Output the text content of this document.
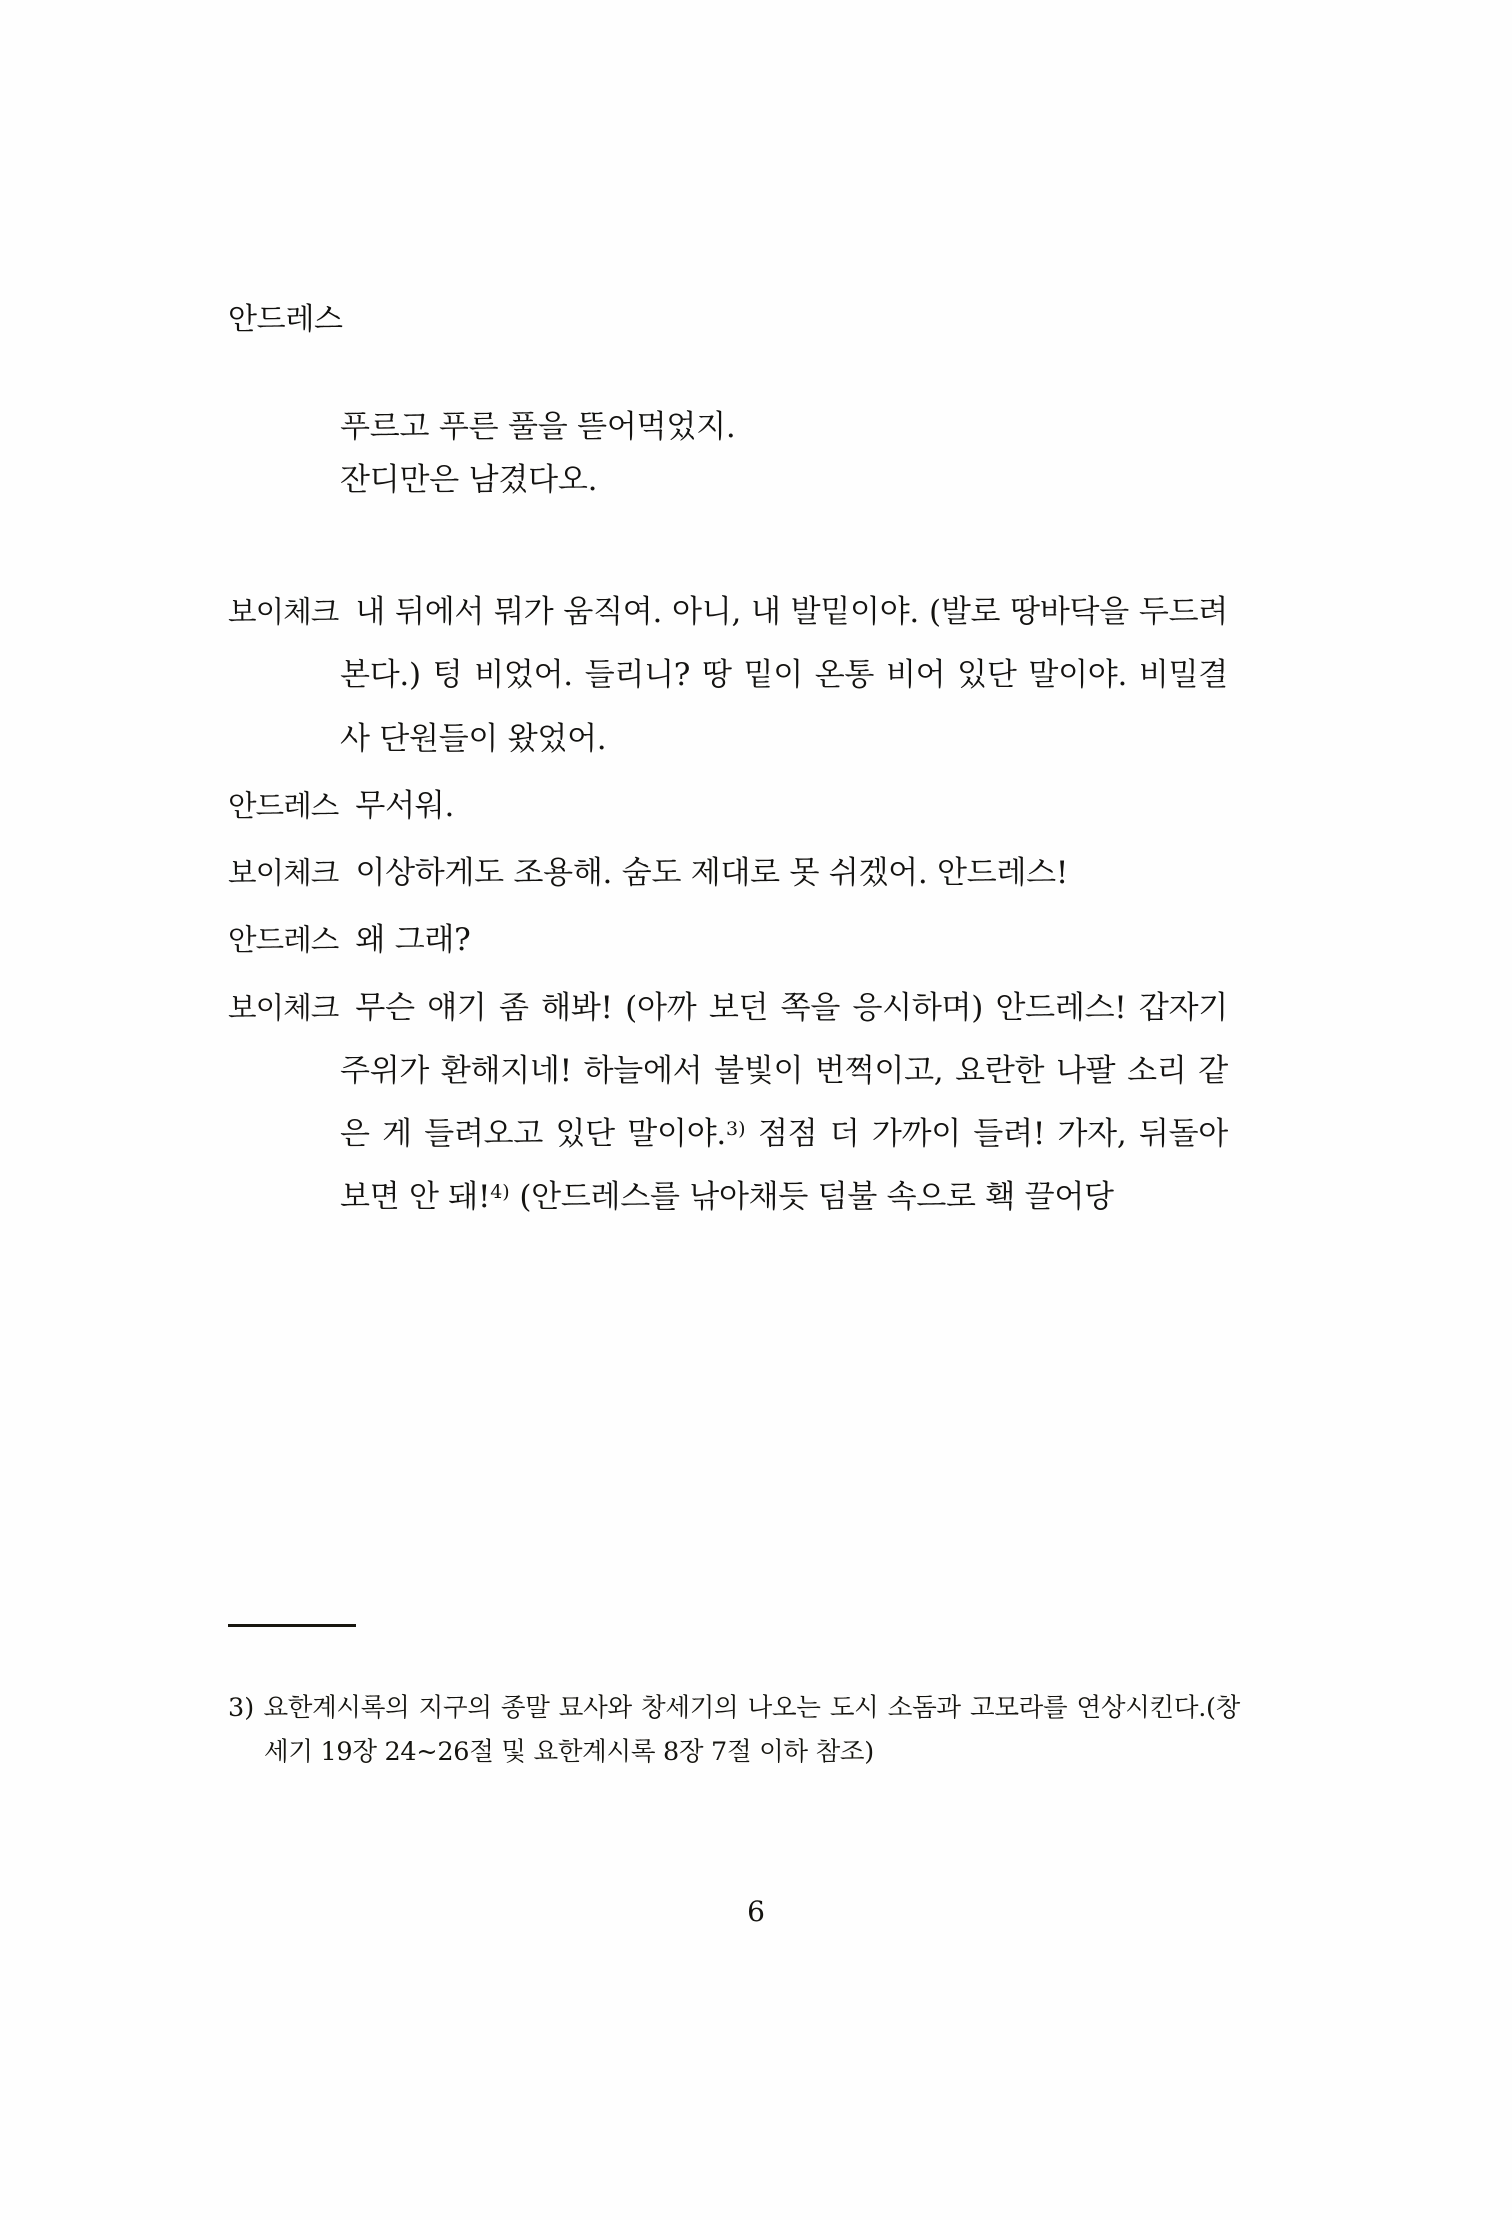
안드레스
푸르고 푸른 풀을 뜯어먹었지.
잔디만은 남겼다오.

보이체크 내 뒤에서 뭐가 움직여. 아니, 내 발밑이야. (발로 땅바닥을 두드려본다.) 텅 비었어. 들리니? 땅 밑이 온통 비어 있단 말이야. 비밀결사 단원들이 왔었어.

안드레스 무서워.

보이체크 이상하게도 조용해. 숨도 제대로 못 쉬겠어. 안드레스!

안드레스 왜 그래?

보이체크 무슨 얘기 좀 해봐! (아까 보던 쪽을 응시하며) 안드레스! 갑자기 주위가 환해지네! 하늘에서 불빛이 번쩍이고, 요란한 나팔 소리 같은 게 들려오고 있단 말이야.$^{3)}$ 점점 더 가까이 들려! 가자, 뒤돌아보면 안 돼!$^{4)}$ (안드레스를 낚아채듯 덤불 속으로 홱 끌어당

3) 요한계시록의 지구의 종말 묘사와 창세기의 나오는 도시 소돔과 고모라를 연상시킨다.(창세기 19장 24~26절 및 요한계시록 8장 7절 이하 참조)

6
